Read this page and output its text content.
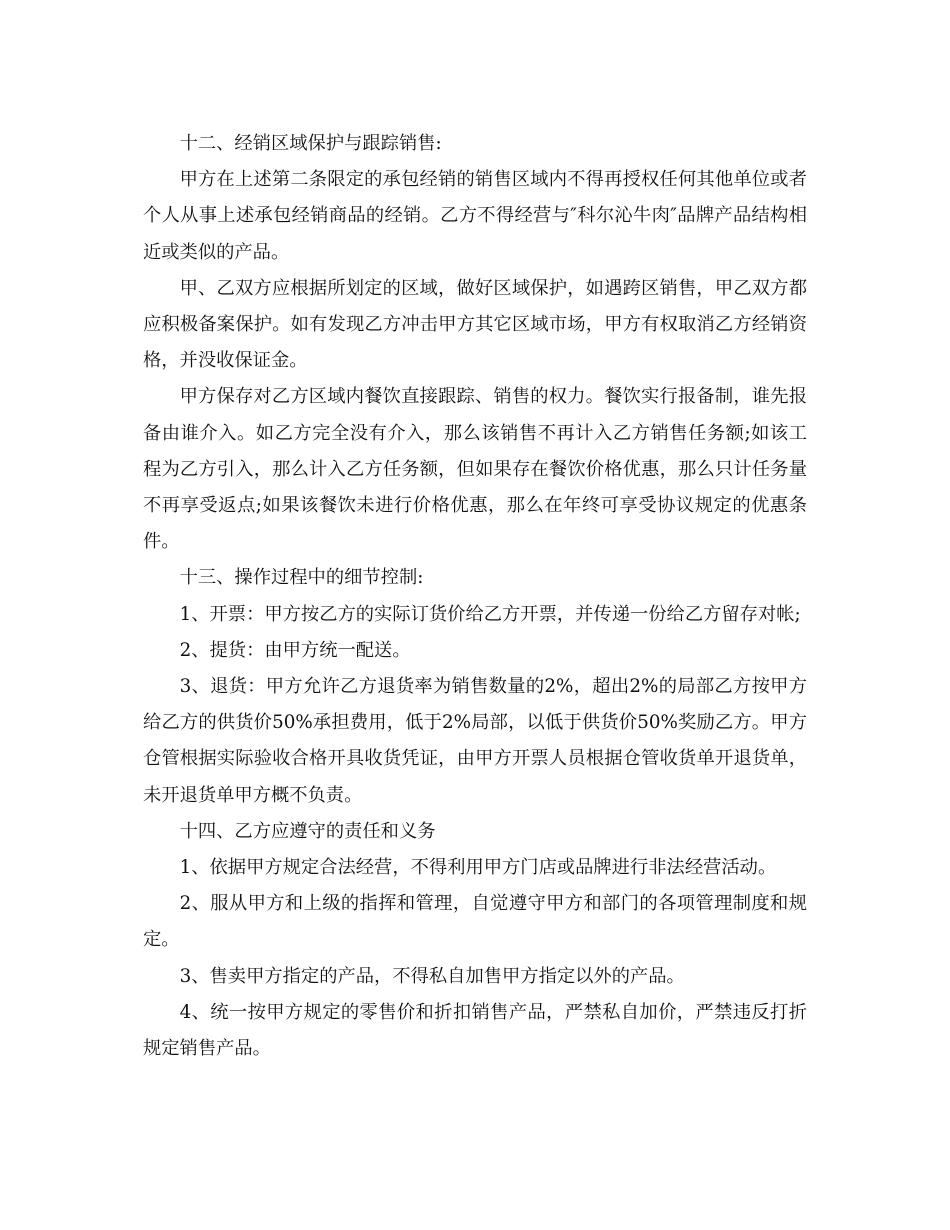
十二、经销区域保护与跟踪销售:

甲方在上述第二条限定的承包经销的销售区域内不得再授权任何其他单位或者个人从事上述承包经销商品的经销。乙方不得经营与″科尔沁牛肉″品牌产品结构相近或类似的产品。

甲、乙双方应根据所划定的区域，做好区域保护，如遇跨区销售，甲乙双方都应积极备案保护。如有发现乙方冲击甲方其它区域市场，甲方有权取消乙方经销资格，并没收保证金。

甲方保存对乙方区域内餐饮直接跟踪、销售的权力。餐饮实行报备制，谁先报备由谁介入。如乙方完全没有介入，那么该销售不再计入乙方销售任务额;如该工程为乙方引入，那么计入乙方任务额，但如果存在餐饮价格优惠，那么只计任务量不再享受返点;如果该餐饮未进行价格优惠，那么在年终可享受协议规定的优惠条件。

十三、操作过程中的细节控制:

1、开票：甲方按乙方的实际订货价给乙方开票，并传递一份给乙方留存对帐;

2、提货：由甲方统一配送。

3、退货：甲方允许乙方退货率为销售数量的2%，超出2%的局部乙方按甲方给乙方的供货价50%承担费用，低于2%局部，以低于供货价50%奖励乙方。甲方仓管根据实际验收合格开具收货凭证，由甲方开票人员根据仓管收货单开退货单，未开退货单甲方概不负责。

十四、乙方应遵守的责任和义务

1、依据甲方规定合法经营，不得利用甲方门店或品牌进行非法经营活动。

2、服从甲方和上级的指挥和管理，自觉遵守甲方和部门的各项管理制度和规定。

3、售卖甲方指定的产品，不得私自加售甲方指定以外的产品。

4、统一按甲方规定的零售价和折扣销售产品，严禁私自加价，严禁违反打折规定销售产品。
